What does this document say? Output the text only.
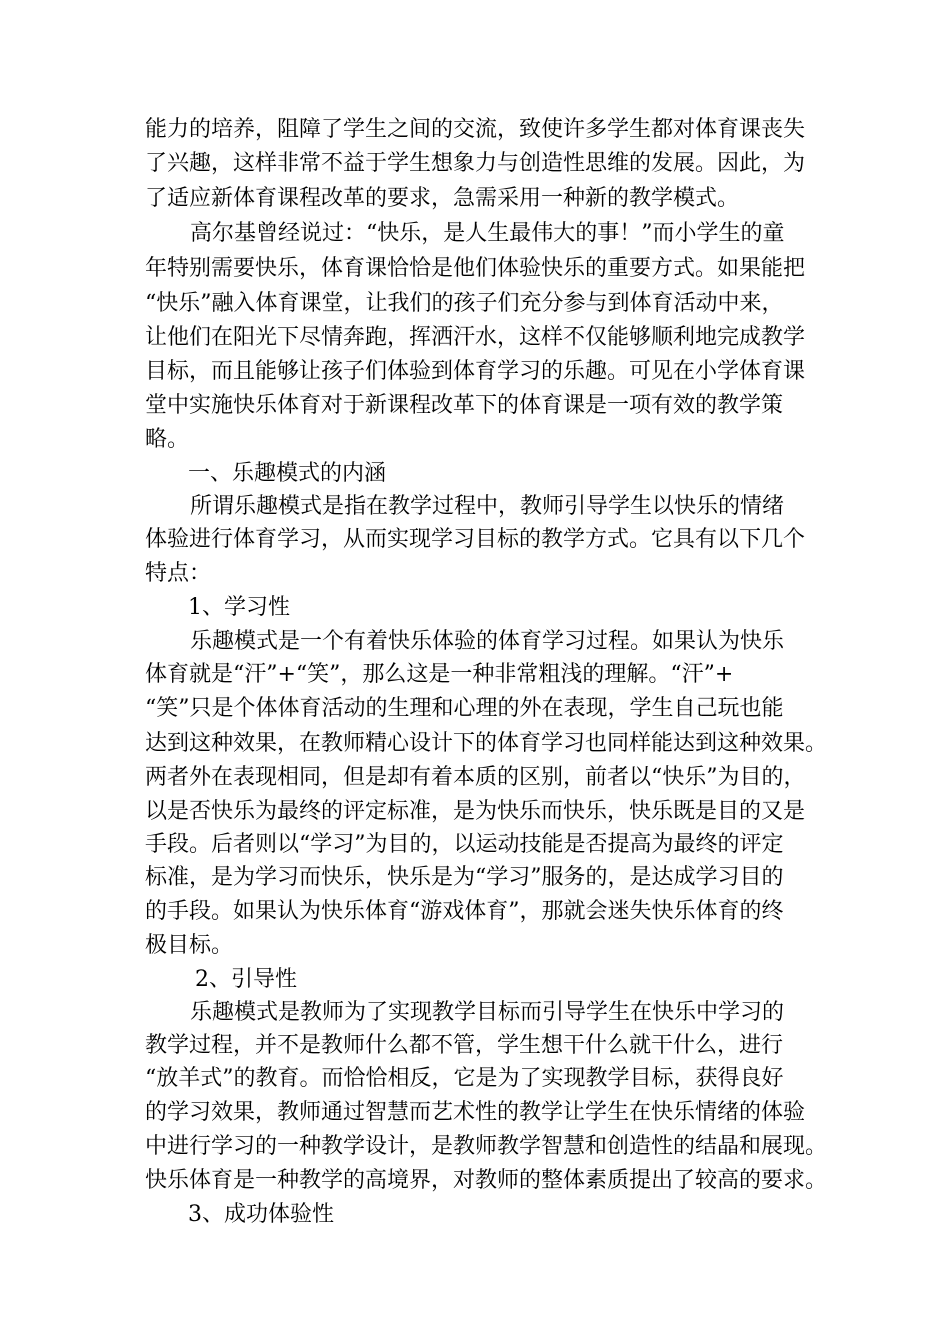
能力的培养，阻障了学生之间的交流，致使许多学生都对体育课丧失

了兴趣，这样非常不益于学生想象力与创造性思维的发展。因此，为

了适应新体育课程改革的要求，急需采用一种新的教学模式。

高尔基曾经说过：“快乐，是人生最伟大的事！”而小学生的童

年特别需要快乐，体育课恰恰是他们体验快乐的重要方式。如果能把

“快乐”融入体育课堂，让我们的孩子们充分参与到体育活动中来，

让他们在阳光下尽情奔跑，挥洒汗水，这样不仅能够顺利地完成教学

目标，而且能够让孩子们体验到体育学习的乐趣。可见在小学体育课

堂中实施快乐体育对于新课程改革下的体育课是一项有效的教学策

略。

一、乐趣模式的内涵

所谓乐趣模式是指在教学过程中，教师引导学生以快乐的情绪

体验进行体育学习，从而实现学习目标的教学方式。它具有以下几个

特点：

1、学习性

乐趣模式是一个有着快乐体验的体育学习过程。如果认为快乐

体育就是“汗”+“笑”，那么这是一种非常粗浅的理解。“汗”+

“笑”只是个体体育活动的生理和心理的外在表现，学生自己玩也能

达到这种效果，在教师精心设计下的体育学习也同样能达到这种效果。

两者外在表现相同，但是却有着本质的区别，前者以“快乐”为目的，

以是否快乐为最终的评定标准，是为快乐而快乐，快乐既是目的又是

手段。后者则以“学习”为目的，以运动技能是否提高为最终的评定

标准，是为学习而快乐，快乐是为“学习”服务的，是达成学习目的

的手段。如果认为快乐体育“游戏体育”，那就会迷失快乐体育的终

极目标。

2、引导性

乐趣模式是教师为了实现教学目标而引导学生在快乐中学习的

教学过程，并不是教师什么都不管，学生想干什么就干什么，进行

“放羊式”的教育。而恰恰相反，它是为了实现教学目标，获得良好

的学习效果，教师通过智慧而艺术性的教学让学生在快乐情绪的体验

中进行学习的一种教学设计，是教师教学智慧和创造性的结晶和展现。

快乐体育是一种教学的高境界，对教师的整体素质提出了较高的要求。

3、成功体验性
